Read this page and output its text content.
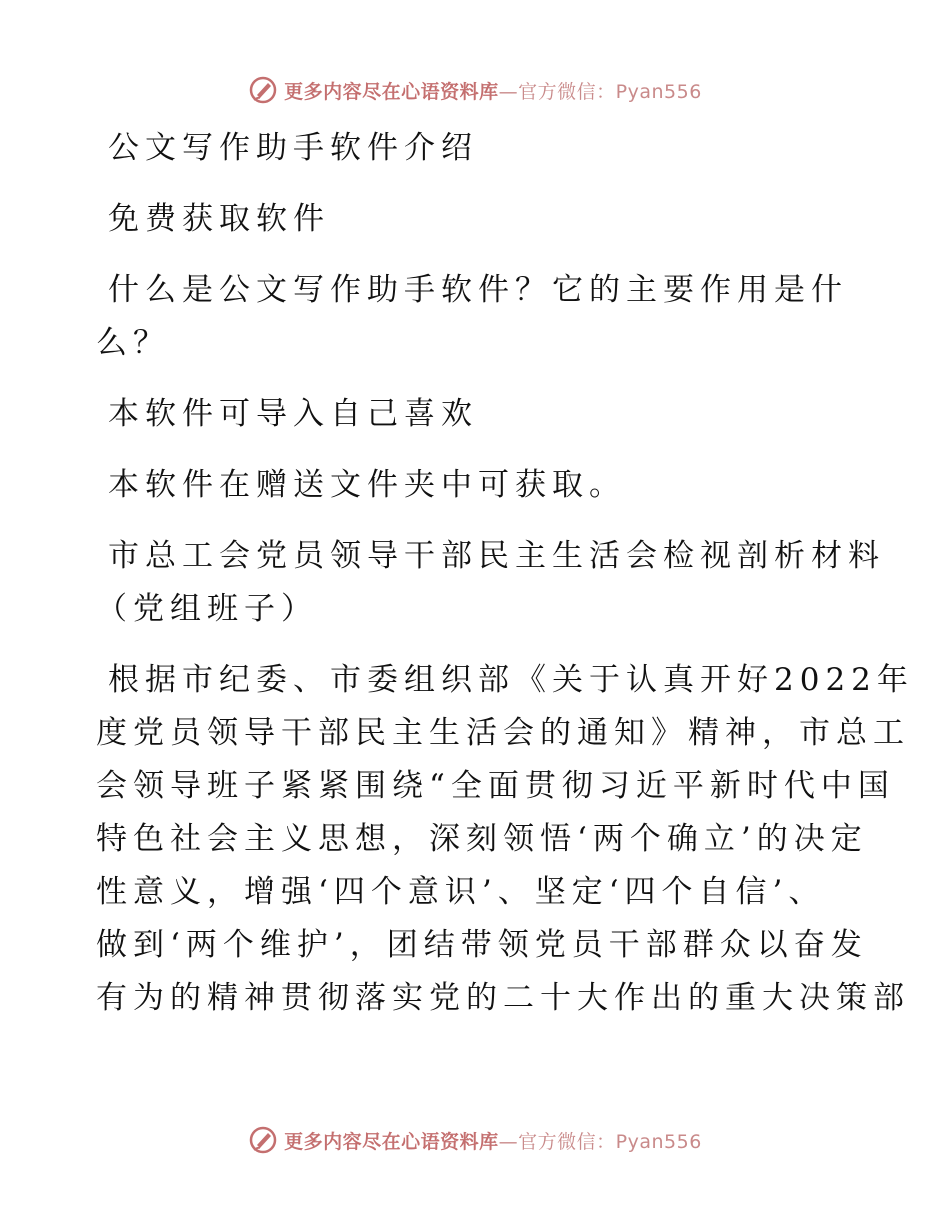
更多内容尽在心语资料库—官方微信：Pyan556

公文写作助手软件介绍

免费获取软件

什么是公文写作助手软件？它的主要作用是什
么？

本软件可导入自己喜欢

本软件在赠送文件夹中可获取。

市总工会党员领导干部民主生活会检视剖析材料
（党组班子）

根据市纪委、市委组织部《关于认真开好2022年
度党员领导干部民主生活会的通知》精神，市总工
会领导班子紧紧围绕“全面贯彻习近平新时代中国
特色社会主义思想，深刻领悟‘两个确立’的决定
性意义，增强‘四个意识’、坚定‘四个自信’、
做到‘两个维护’，团结带领党员干部群众以奋发
有为的精神贯彻落实党的二十大作出的重大决策部

更多内容尽在心语资料库—官方微信：Pyan556
